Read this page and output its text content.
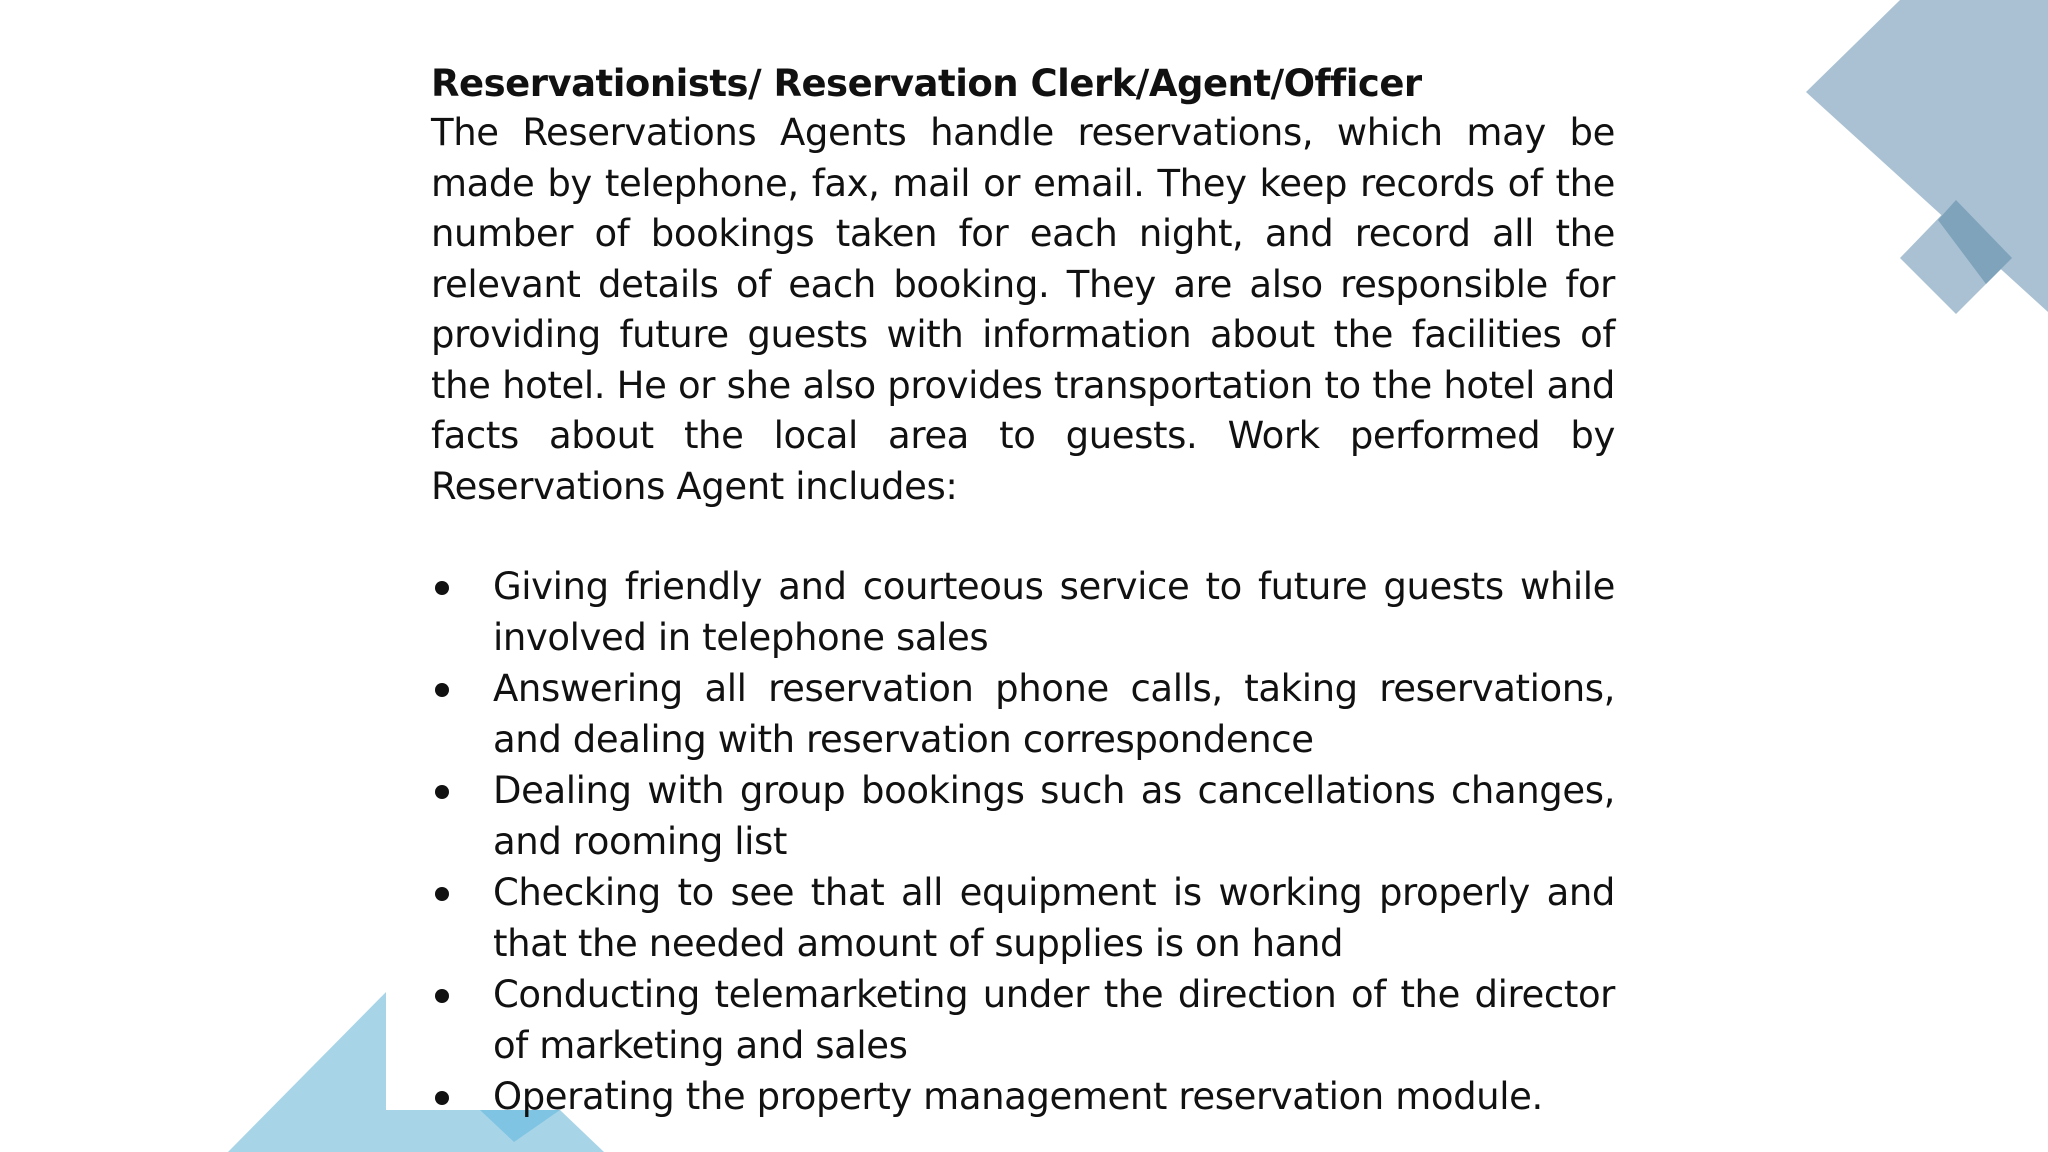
Reservationists/ Reservation Clerk/Agent/Officer

The Reservations Agents handle reservations, which may be made by telephone, fax, mail or email. They keep records of the number of bookings taken for each night, and record all the relevant details of each booking. They are also responsible for providing future guests with information about the facilities of the hotel. He or she also provides transportation to the hotel and facts about the local area to guests. Work performed by Reservations Agent includes:

Giving friendly and courteous service to future guests while involved in telephone sales
Answering all reservation phone calls, taking reservations, and dealing with reservation correspondence
Dealing with group bookings such as cancellations changes, and rooming list
Checking to see that all equipment is working properly and that the needed amount of supplies is on hand
Conducting telemarketing under the direction of the director of marketing and sales
Operating the property management reservation module.
